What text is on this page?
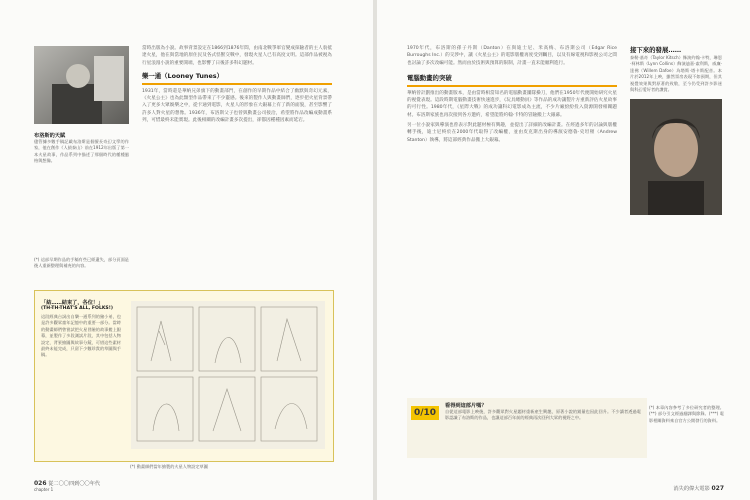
布洛斯的天賦
儘管據多數手稿記載布洛斯是個擅長奇幻文學的作家，他在創作《人猿泰山》前在1912年出版了第一本火星故事，作品系列中描述了那個時代的種種風格與想像。
(*) 這部早期作品的手稿有些已經遺失，部分頁面是後人重新整理與補充的內容。
當時出版為小說。故事背景設定在1866到1876年間，由南北戰爭軍官變成探險者的主人翁抵達火星，他在與當地的原住民及各式怪獸交戰中，發現火星人已有高度文明。這部作品被視為行星浪漫小說的重要開端，也影響了日後許多科幻題材。
樂一通（Looney Tunes）
1931年，當時還是華納兄弟旗下的動畫部門，在創作的早期作品中結合了幽默與奇幻元素，《火星公主》也為此類型作品帶來了不少靈感。後來的製作人與動畫師們，逐步把火星背景帶入了更多大眾娛樂之中，從卡通到電影，火星人的形象在大銀幕上有了新的面貌，甚至影響了許多人對火星的想像。1936年，布洛斯父子也曾與動畫公司接洽，希望將作品改編成動畫系列，可惜最終未能實現。此後相關的改編計畫多次提出，卻都因種種因素而延宕。
「結……結束了，各位！」
(TH-TH-THAT'S ALL, FOLKS!)
這段經典台詞出自樂一通系列的豬小弟，也是許多觀眾童年記憶中的重要一部分。當時的動畫師們曾嘗試把火星冒險的故事搬上銀幕，並製作了多段測試片段，其中包括人物設定、背景繪圖與故事分鏡，可惜這些素材最終未能完成，只留下少數珍貴的草圖與手稿。
(*) 動畫師們當年繪製的火星人物設定草圖
026 從二〇〇四到〇〇年代
chapter 1
1970年代，布洛斯的孫子丹斯（Danton）在與迪士尼、米高梅、布洛斯公司（Edgar Rice Burroughs Inc.）的交涉中，讓《火星公主》的電影版權再度受到矚目，以及有線電視和影視公司之間也討論了多次改編可能。然而由於技術與預算的限制，計畫一直未能順利進行。
電腦動畫的突破
華納曾計劃推出的動畫版本，是由當時相當知名的電腦動畫團隊操刀，他們在1950年代便開始研究火星的視覺表現。這段時期電腦動畫技術快速進步，《玩具總動員》等作品的成功讓製片方重新評估火星故事的可行性。1980年代，《星際大戰》的成功讓科幻電影成為主流，不少片廠紛紛投入資源開發相關題材。布洛斯家族也再次接到各方邀約，希望能將約翰·卡特的冒險搬上大銀幕。
另一位小說家與導演也曾表示對此題材極有興趣，並提出了詳細的改編計畫。在經過多年的討論與版權轉手後，迪士尼終於在2000年代取得了改編權，並由皮克斯出身的導演安德魯·史坦頓（Andrew Stanton）執導，將這部經典作品搬上大銀幕。
接下來的發展……
泰勒·基奇（Taylor Kitsch）飾演約翰·卡特，琳恩·柯林斯（Lynn Collins）飾演迪嘉·索利斯，威廉·達佛（Willem Dafoe）為塔斯·塔卡斯配音。本片於2012年上映，雖然票房表現不如預期，但其視覺效果與對原著的致敬，至今仍受到許多影迷與科幻愛好者的讚賞。
0/10
看得到這部片嗎？
自從這部電影上映後，許多觀眾對火星題材重新產生興趣，原著小說的銷量也因此回升。不少讀者透過電影認識了布洛斯的作品，也讓這部百年前的經典再次回到大眾的視野之中。
(*) 本章內容參考了多位研究者的整理。(**) 部分引文經過翻譯與節錄。(***) 電影相關資料來自官方公開發行的資料。
消失的偉大電影 027
